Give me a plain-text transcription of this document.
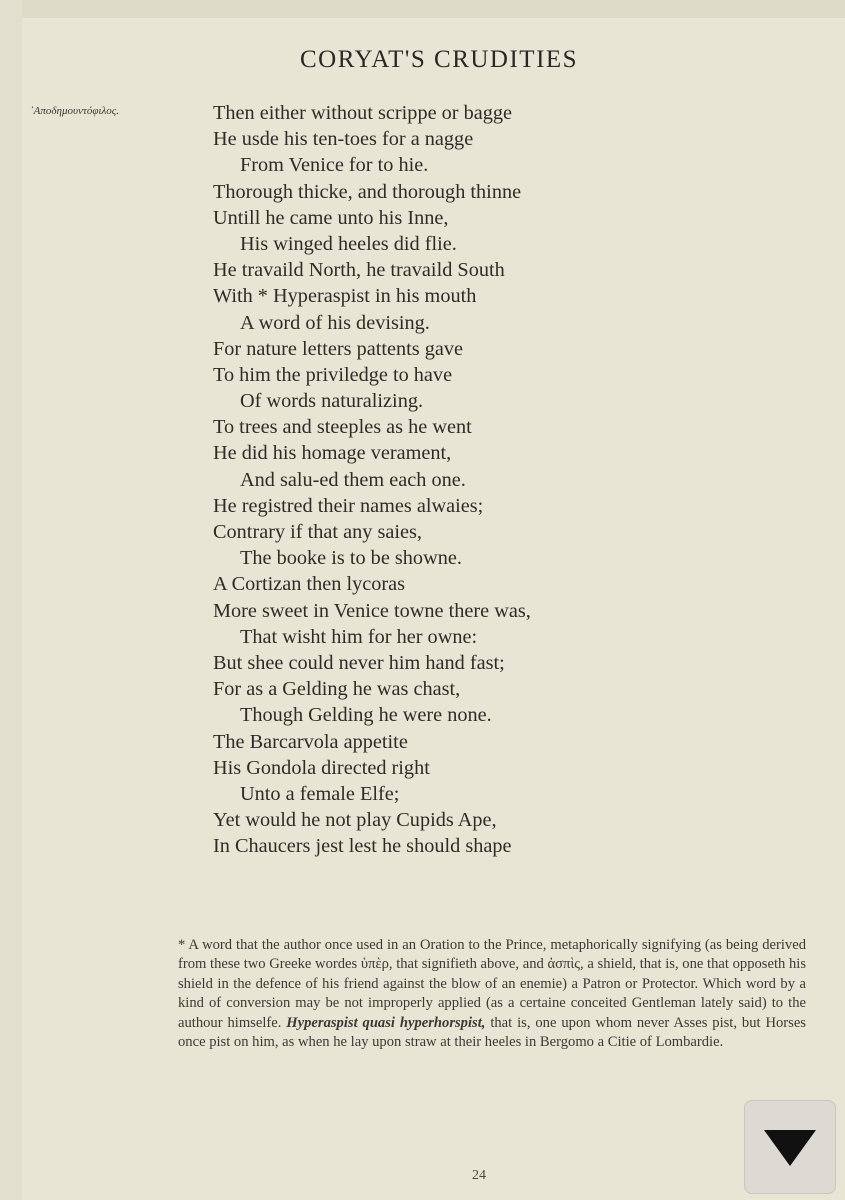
CORYAT'S CRUDITIES
᾿Αποδημουντόφιλος.	Then either without scrippe or bagge
He usde his ten-toes for a nagge
From Venice for to hie.
Thorough thicke, and thorough thinne
Untill he came unto his Inne,
His winged heeles did flie.
He travaild North, he travaild South
With * Hyperaspist in his mouth
A word of his devising.
For nature letters pattents gave
To him the priviledge to have
Of words naturalizing.
To trees and steeples as he went
He did his homage verament,
And salu-ed them each one.
He registred their names alwaies;
Contrary if that any saies,
The booke is to be showne.
A Cortizan then lycoras
More sweet in Venice towne there was,
That wisht him for her owne:
But shee could never him hand fast;
For as a Gelding he was chast,
Though Gelding he were none.
The Barcarvola appetite
His Gondola directed right
Unto a female Elfe;
Yet would he not play Cupids Ape,
In Chaucers jest lest he should shape
* A word that the author once used in an Oration to the Prince, metaphorically signifying (as being derived from these two Greeke wordes ὑπὲρ, that signifieth above, and ἀσπὶς, a shield, that is, one that opposeth his shield in the defence of his friend against the blow of an enemie) a Patron or Protector. Which word by a kind of conversion may be not improperly applied (as a certaine conceited Gentleman lately said) to the authour himselfe. Hyperaspist quasi hyperhorspist, that is, one upon whom never Asses pist, but Horses once pist on him, as when he lay upon straw at their heeles in Bergomo a Citie of Lombardie.
24
